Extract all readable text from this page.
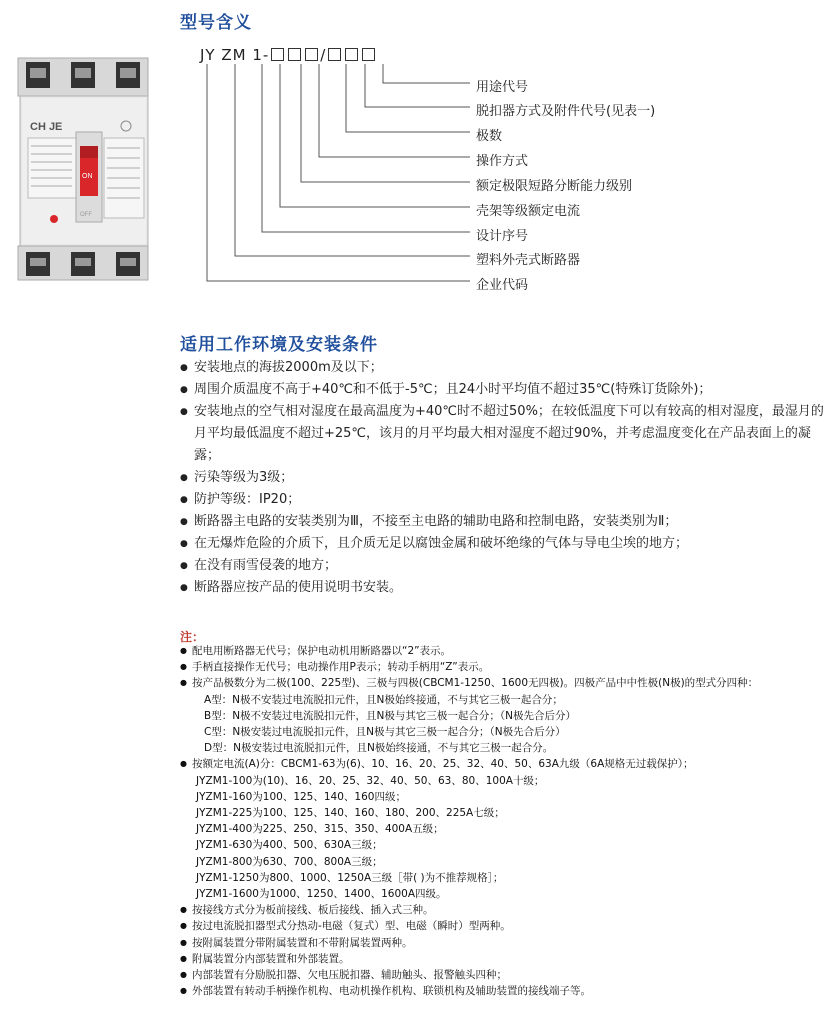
CH JE
ON
OFF
型号含义
JY ZM 1-	/
用途代号
脱扣器方式及附件代号(见表一)
极数
操作方式
额定极限短路分断能力级别
壳架等级额定电流
设计序号
塑料外壳式断路器
企业代码
适用工作环境及安装条件
● 安装地点的海拔2000m及以下；
● 周围介质温度不高于+40℃和不低于-5℃；且24小时平均值不超过35℃(特殊订货除外)；
● 安装地点的空气相对湿度在最高温度为+40℃时不超过50%；在较低温度下可以有较高的相对湿度，最湿月的月平均最低温度不超过+25℃，该月的月平均最大相对湿度不超过90%，并考虑温度变化在产品表面上的凝露；
● 污染等级为3级；
● 防护等级：IP20；
● 断路器主电路的安装类别为Ⅲ，不接至主电路的辅助电路和控制电路，安装类别为Ⅱ；
● 在无爆炸危险的介质下，且介质无足以腐蚀金属和破坏绝缘的气体与导电尘埃的地方；
● 在没有雨雪侵袭的地方；
● 断路器应按产品的使用说明书安装。
注：
● 配电用断路器无代号；保护电动机用断路器以“2”表示。
● 手柄直接操作无代号；电动操作用P表示；转动手柄用“Z”表示。
● 按产品极数分为二极(100、225型)、三极与四极(CBCM1-1250、1600无四极)。四极产品中中性极(N极)的型式分四种：
A型：N极不安装过电流脱扣元件，且N极始终接通，不与其它三极一起合分；
B型：N极不安装过电流脱扣元件，且N极与其它三极一起合分；（N极先合后分）
C型：N极安装过电流脱扣元件，且N极与其它三极一起合分；（N极先合后分）
D型：N极安装过电流脱扣元件，且N极始终接通，不与其它三极一起合分。
● 按额定电流(A)分：CBCM1-63为(6)、10、16、20、25、32、40、50、63A九级（6A规格无过载保护）；
JYZM1-100为(10)、16、20、25、32、40、50、63、80、100A十级；
JYZM1-160为100、125、140、160四级；
JYZM1-225为100、125、140、160、180、200、225A七级；
JYZM1-400为225、250、315、350、400A五级；
JYZM1-630为400、500、630A三级；
JYZM1-800为630、700、800A三级；
JYZM1-1250为800、1000、1250A三级［带( )为不推荐规格］；
JYZM1-1600为1000、1250、1400、1600A四级。
● 按接线方式分为板前接线、板后接线、插入式三种。
● 按过电流脱扣器型式分热动-电磁（复式）型、电磁（瞬时）型两种。
● 按附属装置分带附属装置和不带附属装置两种。
● 附属装置分内部装置和外部装置。
● 内部装置有分励脱扣器、欠电压脱扣器、辅助触头、报警触头四种；
● 外部装置有转动手柄操作机构、电动机操作机构、联锁机构及辅助装置的接线端子等。
